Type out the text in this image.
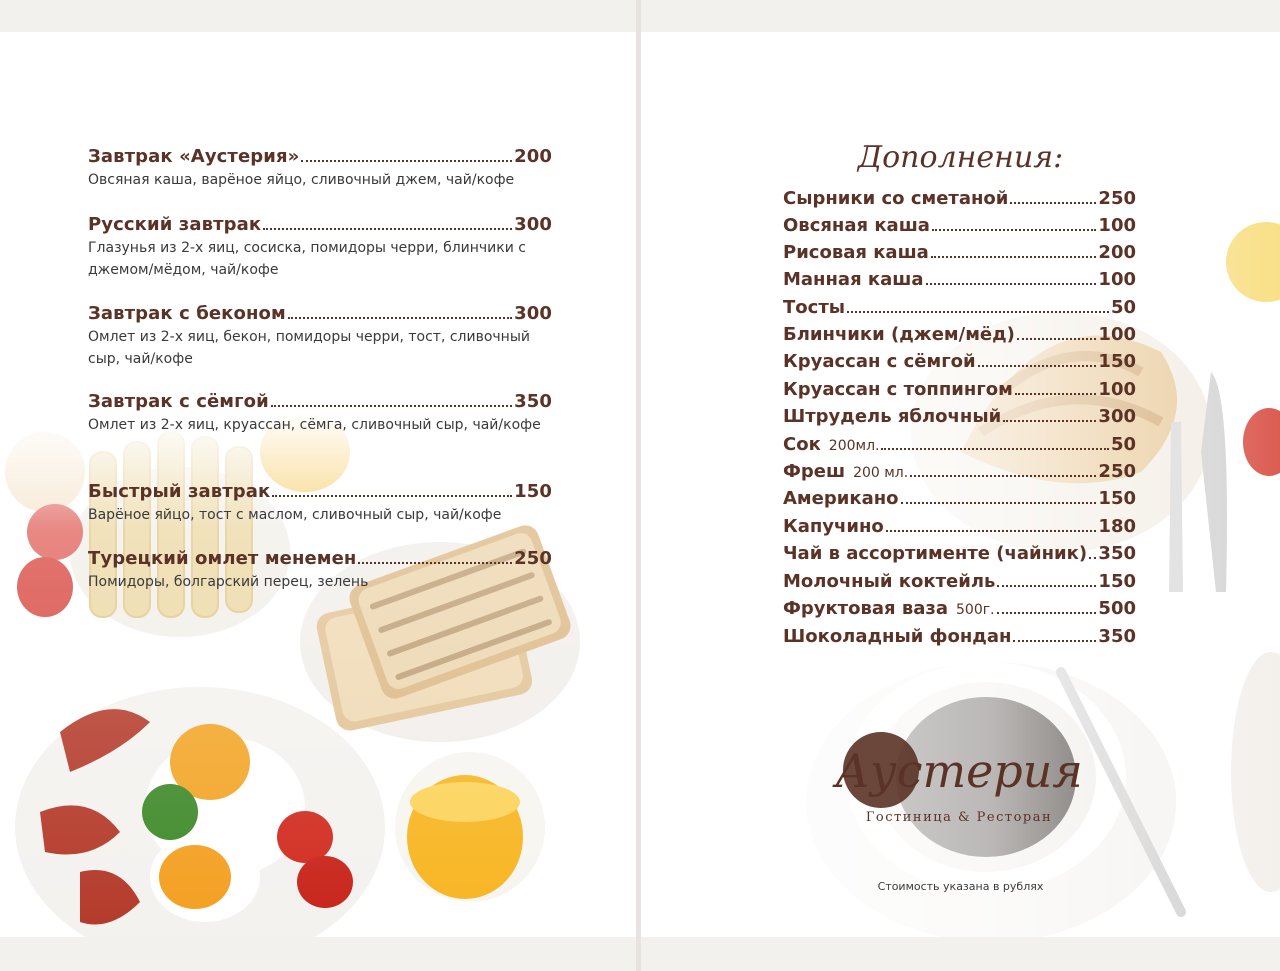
Завтрак «Аустерия»	200
Овсяная каша, варёное яйцо, сливочный джем, чай/кофе
Русский завтрак	300
Глазунья из 2-х яиц, сосиска, помидоры черри, блинчики с джемом/мёдом, чай/кофе
Завтрак с беконом	300
Омлет из 2-х яиц, бекон, помидоры черри, тост, сливочный сыр, чай/кофе
Завтрак с сёмгой	350
Омлет из 2-х яиц, круассан, сёмга, сливочный сыр, чай/кофе
Быстрый завтрак	150
Варёное яйцо, тост с маслом, сливочный сыр, чай/кофе
Турецкий омлет менемен	250
Помидоры, болгарский перец, зелень
Дополнения:
Сырники со сметаной	250
Овсяная каша	100
Рисовая каша	200
Манная каша	100
Тосты	50
Блинчики (джем/мёд)	100
Круассан с сёмгой	150
Круассан с топпингом	100
Штрудель яблочный	300
Сок 200мл.	50
Фреш 200 мл.	250
Американо	150
Капучино	180
Чай в ассортименте (чайник) 350
Молочный коктейль	150
Фруктовая ваза 500г.	500
Шоколадный фондан	350
Аустерия
Гостиница & Ресторан
Стоимость указана в рублях
